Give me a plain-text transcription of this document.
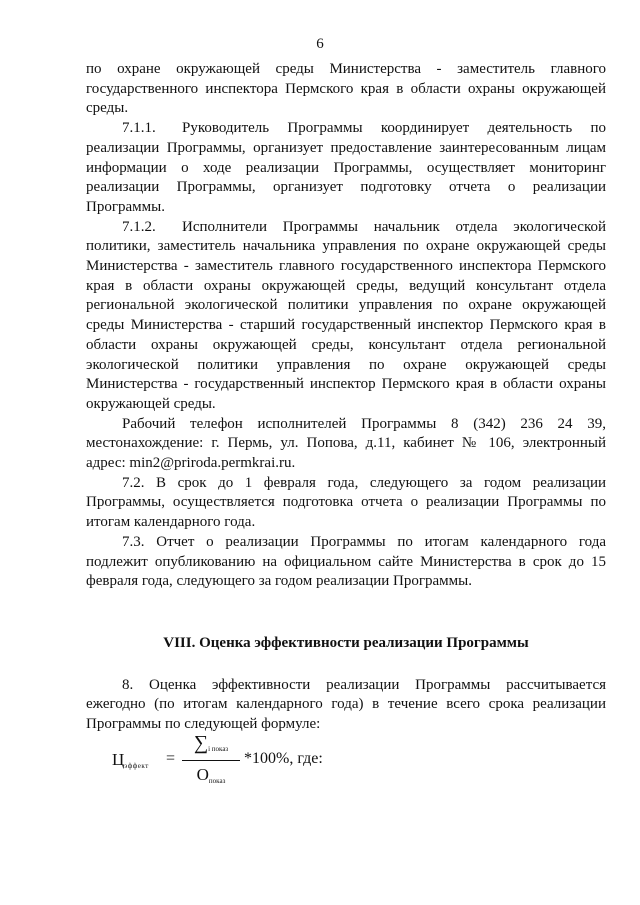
6

по охране окружающей среды Министерства - заместитель главного государственного инспектора Пермского края в области охраны окружающей среды.

7.1.1. Руководитель Программы координирует деятельность по реализации Программы, организует предоставление заинтересованным лицам информации о ходе реализации Программы, осуществляет мониторинг реализации Программы, организует подготовку отчета о реализации Программы.

7.1.2. Исполнители Программы начальник отдела экологической политики, заместитель начальника управления по охране окружающей среды Министерства - заместитель главного государственного инспектора Пермского края в области охраны окружающей среды, ведущий консультант отдела региональной экологической политики управления по охране окружающей среды Министерства - старший государственный инспектор Пермского края в области охраны окружающей среды, консультант отдела региональной экологической политики управления по охране окружающей среды Министерства - государственный инспектор Пермского края в области охраны окружающей среды.

Рабочий телефон исполнителей Программы 8 (342) 236 24 39, местонахождение: г. Пермь, ул. Попова, д.11, кабинет № 106, электронный адрес: min2@priroda.permkrai.ru.

7.2. В срок до 1 февраля года, следующего за годом реализации Программы, осуществляется подготовка отчета о реализации Программы по итогам календарного года.

7.3. Отчет о реализации Программы по итогам календарного года подлежит опубликованию на официальном сайте Министерства в срок до 15 февраля года, следующего за годом реализации Программы.

VIII. Оценка эффективности реализации Программы

8. Оценка эффективности реализации Программы рассчитывается ежегодно (по итогам календарного года) в течение всего срока реализации Программы по следующей формуле:

Цэффект =
∑i показ
Опоказ
*100%, где:
